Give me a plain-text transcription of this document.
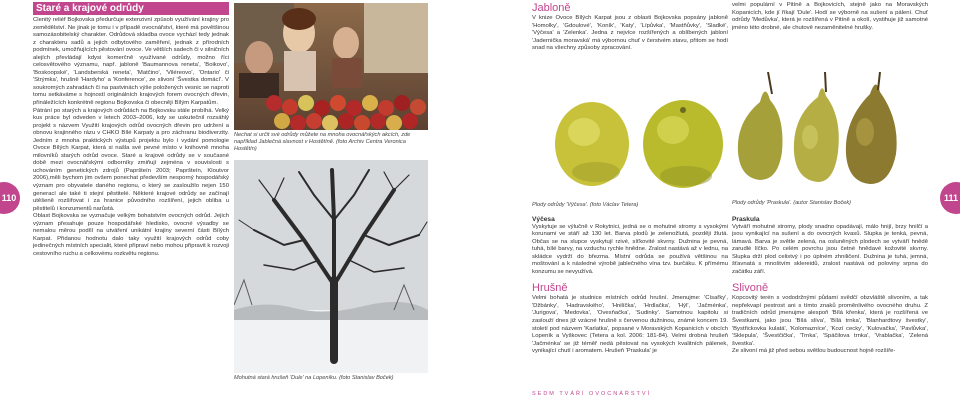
110
Staré a krajové odrůdy

Členitý reliéf Bojkovska předurčuje extenzivní způsob využívání krajiny pro zemědělství. Ne jinak je tomu i v případě ovocnářství, které má povětšinou samozásobitelský charakter. Odrůdová skladba ovoce vychází tedy jednak z charakteru sadů a jejich odbytového zaměření, jednak z přírodních podmínek, umožňujících pěstování ovoce. Ve větších sadech či v silničních alejích převládají kdysi komerčně využívané odrůdy, možno říci celosvětového významu, např. jabloně 'Baumannova reneta', 'Boikovo', 'Boskoopské', 'Landsberská reneta', 'Matčino', 'Viléreovo', 'Ontario' či 'Strýmka', hrušně 'Hardyho' a 'Konference', ze slivoní 'Švestka domácí'. V soukromých zahradách či na pastvinách výše položených vesnic se naproti tomu setkáváme s hojností originálních krajových forem ovocných dřevin, přináležících konkrétně regionu Bojkovska či obecněji Bílým Karpatům.

Pátrání po starých a krajových odrůdách na Bojkovsku stále probíhá. Velký kus práce byl odveden v letech 2003–2006, kdy se uskutečnil rozsáhlý projekt s názvem Využití krajových odrůd ovocných dřevin pro udržení a obnovu krajinného rázu v CHKO Bílé Karpaty a pro záchranu biodiverzity. Jedním z mnoha praktických výstupů projektu bylo i vydání pomologie Ovoce Bílých Karpat, která si našla své pevné místo v knihovně mnoha milovníků starých odrůd ovoce. Staré a krajové odrůdy se v současné době mezi ovocnářskými odborníky zmiňují zejména v souvislosti s uchováním genetických zdrojů (Papršteín 2003; Papršteín, Kloutvor 2006),měli bychom jim ovšem ponechat především nesporný hospodářský význam pro obyvatele daného regionu, o který se zasloužilo nejen 150 generací ale také ti stejní pěstitelé. Některé krajové odrůdy se začínají utěšeně rozšiřovat i za hranice původního rozšíření, jejich obliba u pěstitelů i konzumentů narůstá.

Oblast Bojkovska se vyznačuje velkým bohatstvím ovocných odrůd. Jejich význam přesahuje pouze hospodářské hledisko, ovocné výsadby se nemalou měrou podílí na utváření unikátní krajiny severní části Bílých Karpat. Přidanou hodnotu dalo taky využití krajových odrůd coby jedinečných místních specialit, které připraví nebo mohou připravit k rozvoji cestovního ruchu a celkovému rozkvětu regionu.

Nechat si určit své odrůdy můžete na mnoha ovocnářských akcích, zde například Jablečná slavnost v Hostětíně. (foto Archiv Centra Veronica Hostětín)
Mohutná stará hrušeň 'Dule' na Lopeníku. (foto Stanislav Boček)
111
Jabloně

V knize Ovoce Bílých Karpat jsou z oblasti Bojkovska popsány jabloně 'Homolky', 'Gdoulové', 'Koník', 'Katy', 'Lípůvka', 'Mastňůvky', 'Sladké', 'Výčesa' a 'Zelenka'. Jedna z nejvíce rozšířených a oblíbených jabloní 'Jadernička moravská' má výbornou chuť v čerstvém stavu, přitom se hodí snad na všechny způsoby zpracování.

velmi populární v Pitíně a Bojkovicích, stejně jako na Moravských Kopanicích, kde jí říkají 'Dule'. Hodí se výborně na sušení a pálení. Chuť odrůdy 'Medůvka', která je rozšířená v Pitíně a okolí, vystihuje již samotné jméno této drobné, ale chutově nezaměnitelné hrušky.

Plody odrůdy 'Výčesa'. (foto Václav Tetera)	Plody odrůdy 'Praskula'. (autor Stanislav Boček)
Výčesa

Vyskytuje se výlučně v Rokytnici, jedná se o mohutné stromy s vysokými korunami ve stáří až 130 let. Barva plodů je zelenožlutá, později žlutá. Občas se na slupce vyskytují rzivé, síťkovité skvrny. Dužnina je pevná, tuhá, bílé barvy, na vzduchu rychle hnědne. Zralost nastává až v lednu, na skládce vydrží do březma. Místní odrůda se používá většinou na moštování a k následné výrobě jablečného vína tzv. burčáku. K přímému konzumu se nevyužívá.

Hrušně

Velmi bohatá je studnice místních odrůd hrušní. Jmenujme: 'Císařky', 'Džbánky', 'Hadravského', 'Hnilíčka', 'Hrdlačka', 'Hýl', 'Jačménka', 'Jurigova', 'Medovka', 'Ovesňačka', 'Sudinky'. Samotnou kapitolu si zaslouží dnes již vzácné hrušně s červenou dužninou, známé koncem 19. století pod názvem 'Karlatka', popsané v Moravských Kopanicích v obcích Lopeník a Vyškovec (Tetera a kol. 2006: 181-84). Velmi drobná hrušeň 'Jačménka' se již téměř nedá pěstovat na vysokých kvalitních pálenek, vynikající chutí i aromatem. Hrušeň 'Praskula' je

Praskula

Vytváří mohutné stromy, plody snadno opadávají, málo hnijí, brzy hnilčí a jsou vynikající na sušení a do ovocných kvasů. Slupka je tenká, pevná, lámavá. Barva je světle zelená, na osluněných plodech se vytváří hnědě zarudlé líčko. Po celém povrchu jsou četné hnědavé kožovité skvrny. Slupka drží plod celistvý i po úplném zhniličení. Dužnina je tuhá, jemná, šťavnatá s mnoštvím sklereidů, zralost nastává od poloviny srpna do začátku září.

Slivoně

Kopcovitý terén s vododržnými půdami svědčí obzvláště slivoním, a tak nepřekvapí pestrost ani s tímto znaků proměnlivého ovocného druhu. Z tradičních odrůd jmenujme alespoň 'Bílá křenka', která je rozšířená ve Švestkami, jako jsou 'Bílá slíva', 'Bílá trnka', 'Blanhardtovy švestky', 'Bystřickovka kulatá', 'Kolomazníce', 'Kozí cecky', 'Kulovačka', 'Pavlůvka', 'Sklepula', 'Švestčička', 'Trnka', 'Spáčilova trnka', 'Vrablačka', 'Zelená švestka'.

Ze slivoní má již před sebou světlou budoucnost hojně rozšíře-

SEDM TVÁŘÍ OVOCNÁŘSTVÍ
